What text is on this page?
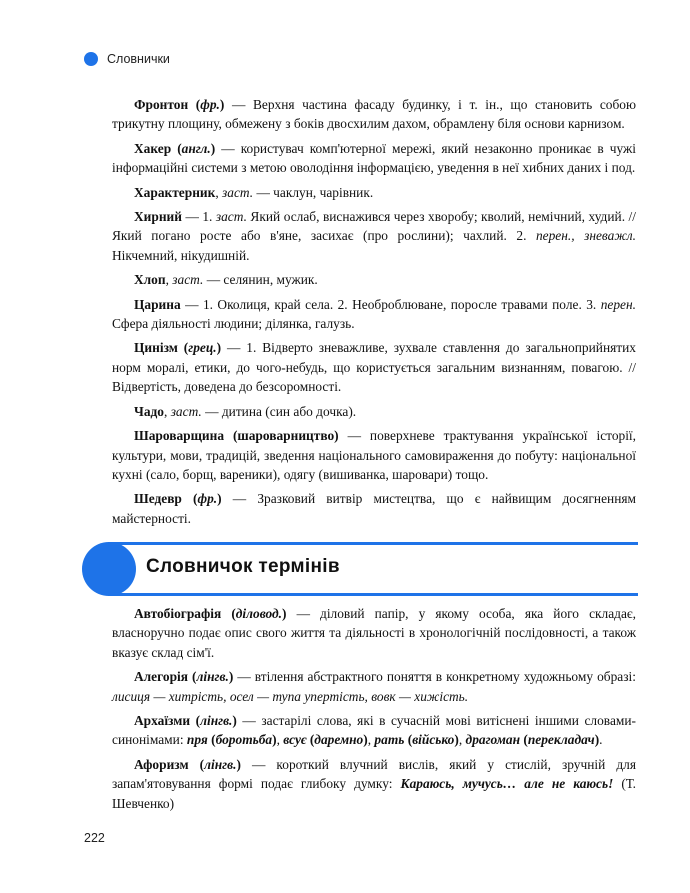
Словнички

Фронтон (фр.) — Верхня частина фасаду будинку, і т. ін., що становить собою трикутну площину, обмежену з боків двосхилим дахом, обрамлену біля основи карнизом.

Хакер (англ.) — користувач комп'ютерної мережі, який незаконно проникає в чужі інформаційні системи з метою оволодіння інформацією, уведення в неї хибних даних і под.

Характерник, заст. — чаклун, чарівник.

Хирний — 1. заст. Який ослаб, виснажився через хворобу; кволий, немічний, худий. // Який погано росте або в'яне, засихає (про рослини); чахлий. 2. перен., зневажл. Нікчемний, нікудишній.

Хлоп, заст. — селянин, мужик.

Царина — 1. Околиця, край села. 2. Необроблюване, поросле травами поле. 3. перен. Сфера діяльності людини; ділянка, галузь.

Цинізм (грец.) — 1. Відверто зневажливе, зухвале ставлення до загальноприйнятих норм моралі, етики, до чого-небудь, що користується загальним визнанням, повагою. // Відвертість, доведена до безсоромності.

Чадо, заст. — дитина (син або дочка).

Шароварщина (шароварництво) — поверхневе трактування української історії, культури, мови, традицій, зведення національного самовираження до побуту: національної кухні (сало, борщ, вареники), одягу (вишиванка, шаровари) тощо.

Шедевр (фр.) — Зразковий витвір мистецтва, що є найвищим досягненням майстерності.

Словничок термінів

Автобіографія (діловод.) — діловий папір, у якому особа, яка його складає, власноручно подає опис свого життя та діяльності в хронологічній послідовності, а також вказує склад сім'ї.

Алегорія (лінгв.) — втілення абстрактного поняття в конкретному художньому образі: лисиця — хитрість, осел — тупа упертість, вовк — хижість.

Архаїзми (лінгв.) — застарілі слова, які в сучасній мові витіснені іншими словами-синонімами: пря (боротьба), всує (даремно), рать (військо), драгоман (перекладач).

Афоризм (лінгв.) — короткий влучний вислів, який у стислій, зручній для запам'ятовування формі подає глибоку думку: Караюсь, мучусь… але не каюсь! (Т. Шевченко)

222
